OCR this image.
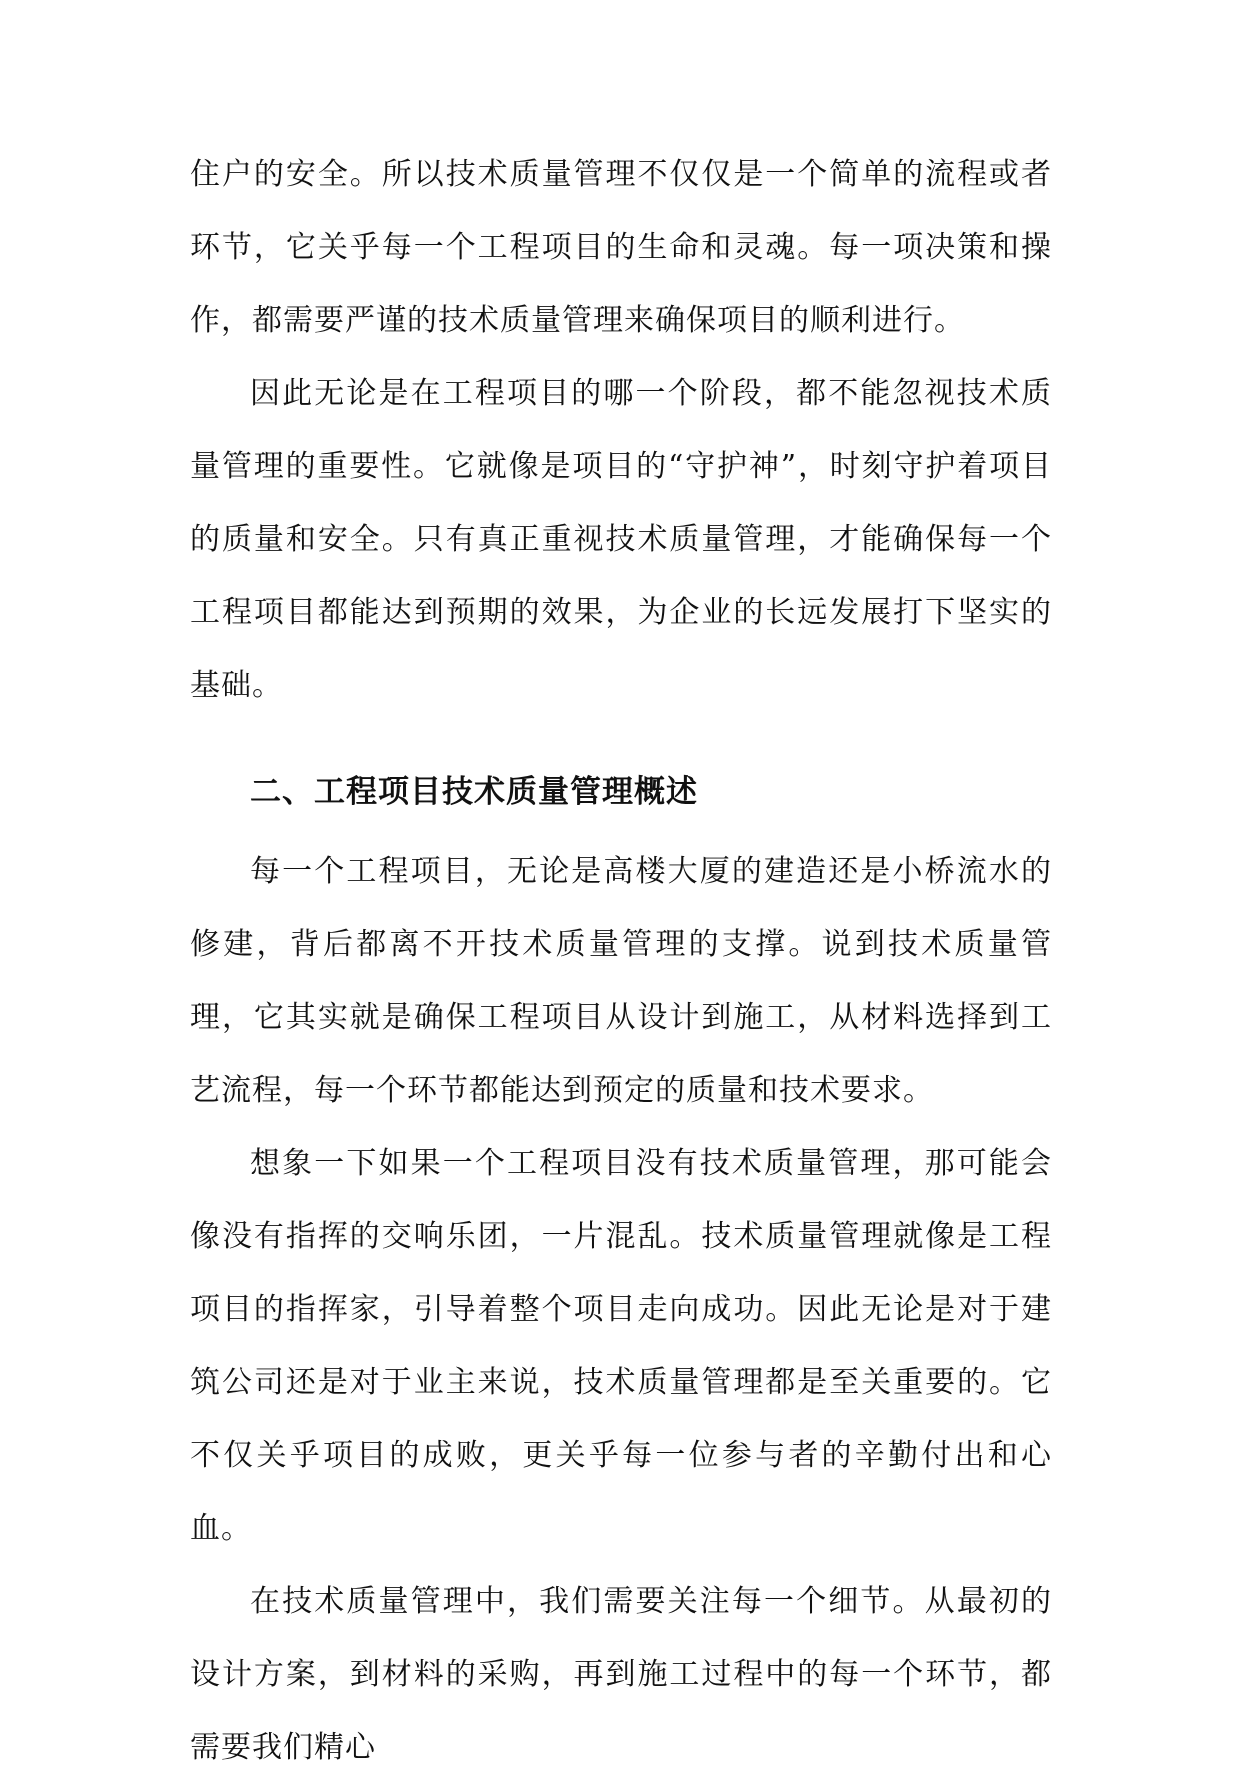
住户的安全。所以技术质量管理不仅仅是一个简单的流程或者环节，它关乎每一个工程项目的生命和灵魂。每一项决策和操作，都需要严谨的技术质量管理来确保项目的顺利进行。

因此无论是在工程项目的哪一个阶段，都不能忽视技术质量管理的重要性。它就像是项目的“守护神”，时刻守护着项目的质量和安全。只有真正重视技术质量管理，才能确保每一个工程项目都能达到预期的效果，为企业的长远发展打下坚实的基础。

二、工程项目技术质量管理概述

每一个工程项目，无论是高楼大厦的建造还是小桥流水的修建，背后都离不开技术质量管理的支撑。说到技术质量管理，它其实就是确保工程项目从设计到施工，从材料选择到工艺流程，每一个环节都能达到预定的质量和技术要求。

想象一下如果一个工程项目没有技术质量管理，那可能会像没有指挥的交响乐团，一片混乱。技术质量管理就像是工程项目的指挥家，引导着整个项目走向成功。因此无论是对于建筑公司还是对于业主来说，技术质量管理都是至关重要的。它不仅关乎项目的成败，更关乎每一位参与者的辛勤付出和心血。

在技术质量管理中，我们需要关注每一个细节。从最初的设计方案，到材料的采购，再到施工过程中的每一个环节，都需要我们精心
